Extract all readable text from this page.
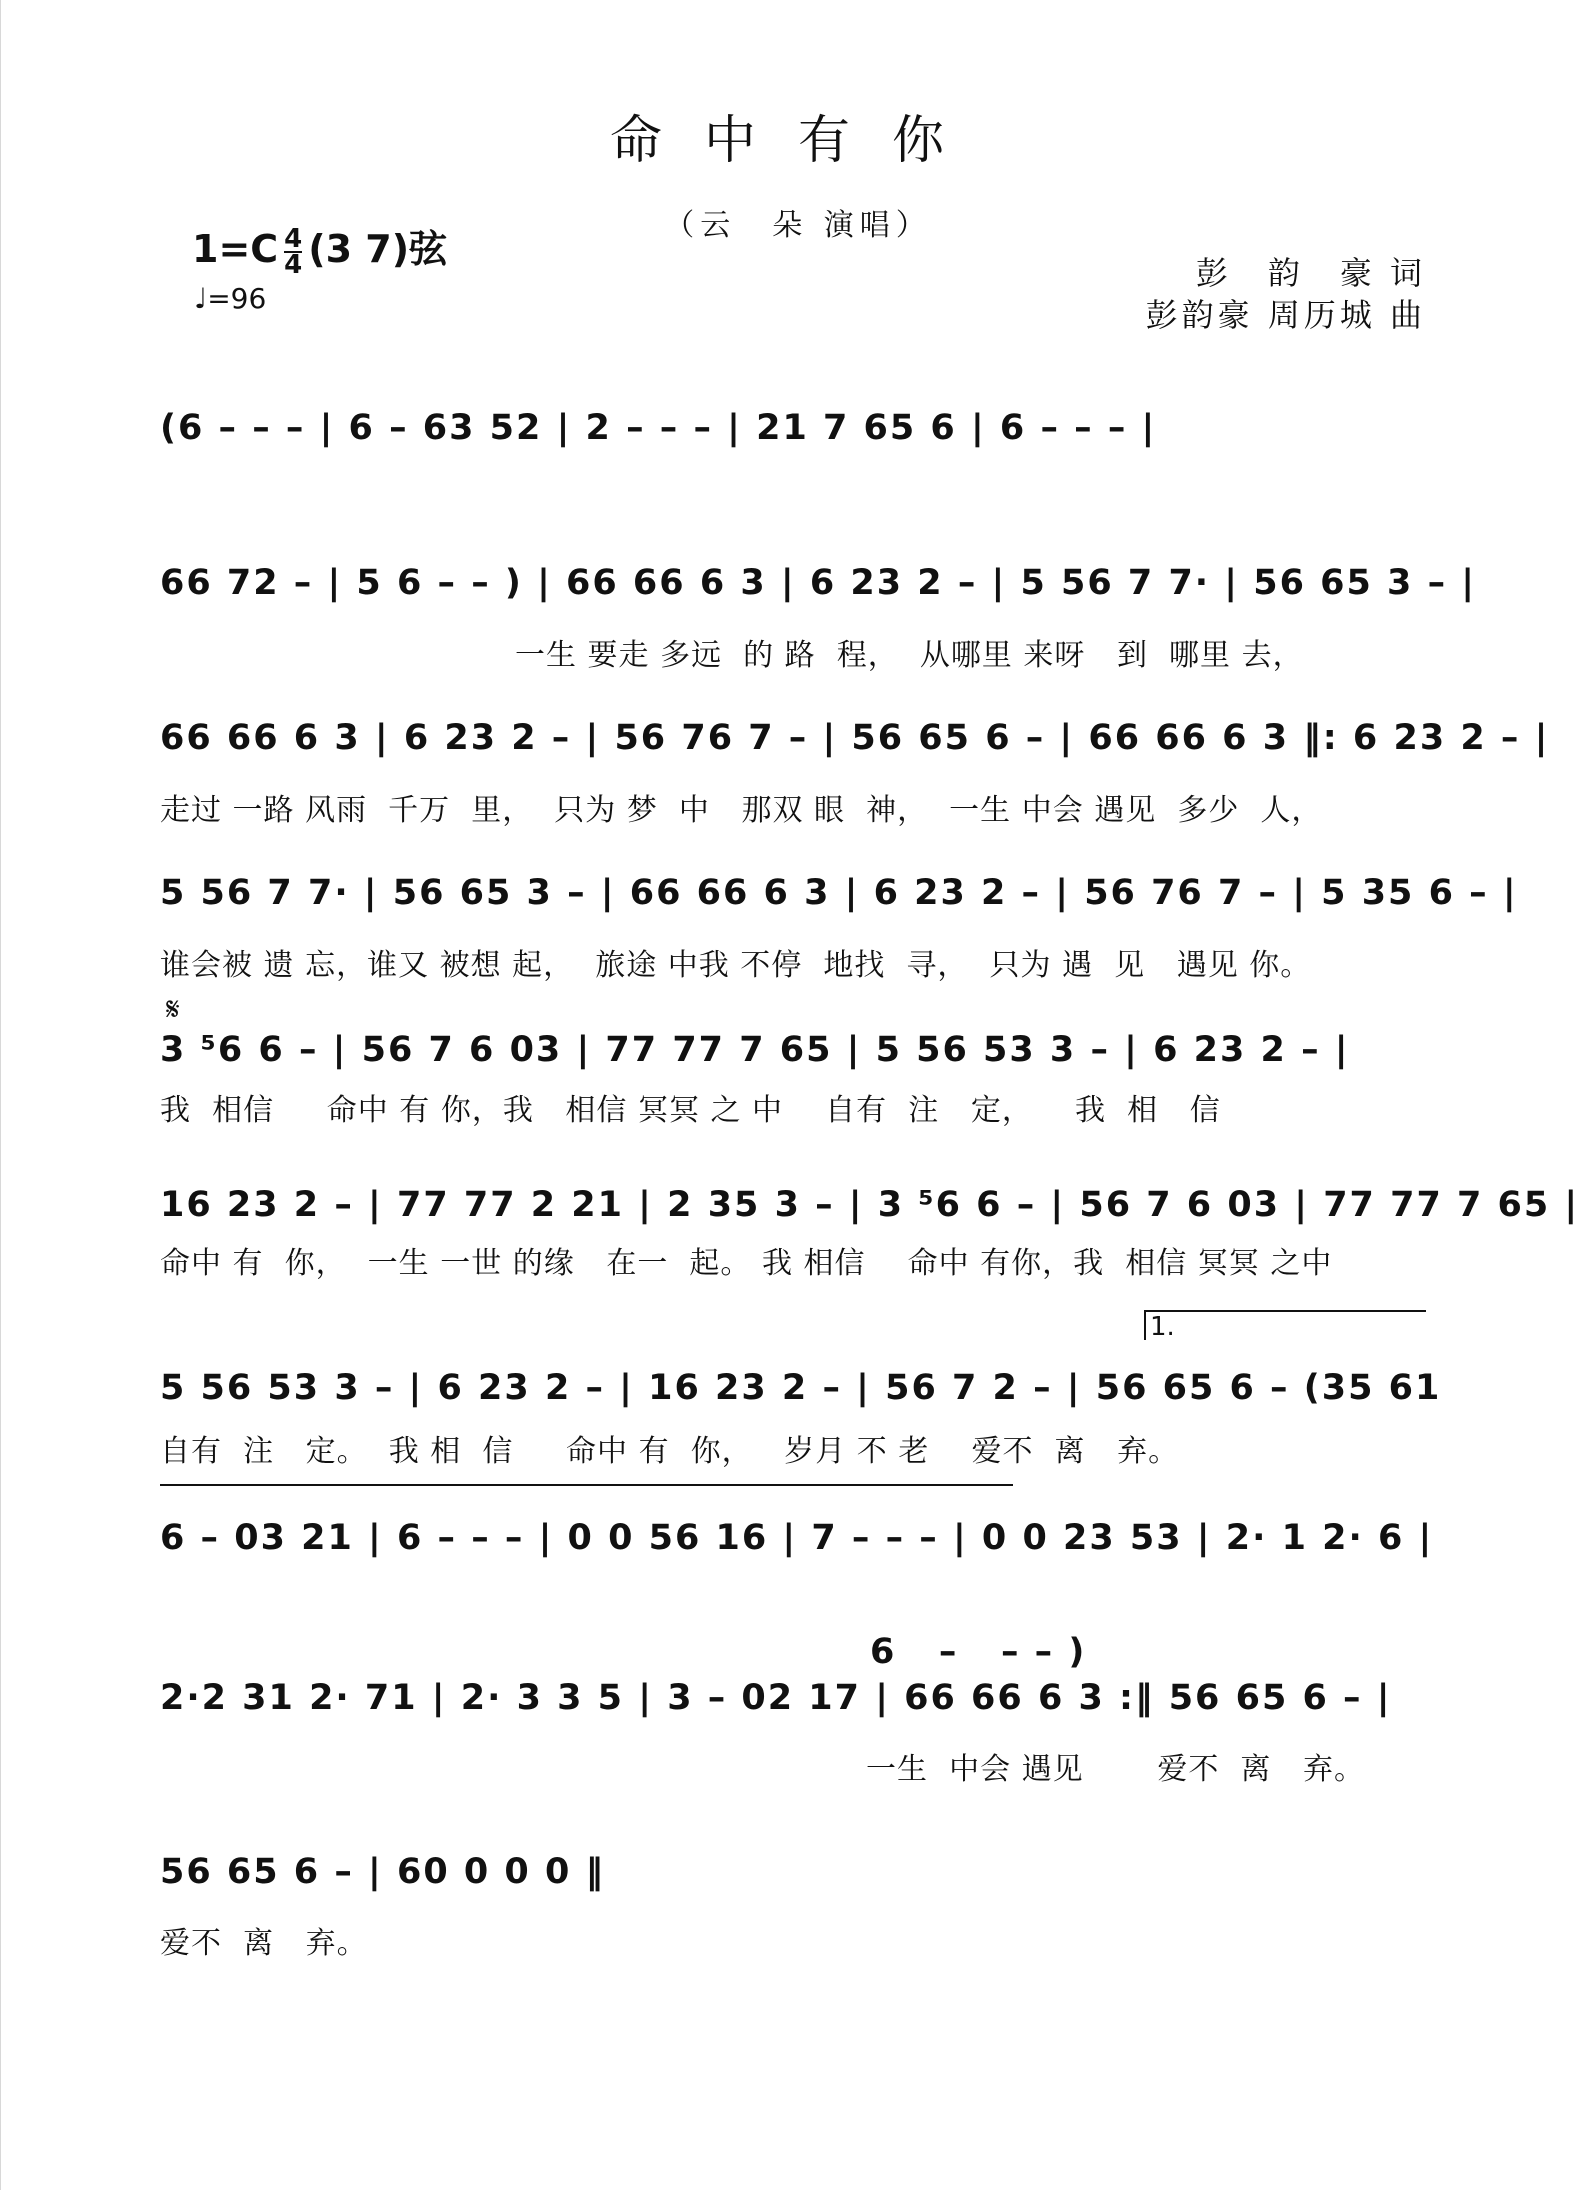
命中有你
（云　朵 演唱）
$1=C \frac{4}{4} (3$ 7)弦
♩=96
彭　韵　豪 词
彭韵豪 周历城 曲
(6 – – – | 6 – 63 52 | 2 – – – | 21 7 65 6 | 6 – – – |
66 72 – | 5 6 – – ) | 66 66 6 3 | 6 23 2 – | 5 56 7 7· | 56 65 3 – |
一生 要走 多远  的 路  程，  从哪里 来呀   到  哪里 去，
66 66 6 3 | 6 23 2 – | 56 76 7 – | 56 65 6 – | 66 66 6 3 ‖: 6 23 2 – |
走过 一路 风雨  千万  里，  只为 梦  中   那双 眼  神，  一生 中会 遇见  多少  人，
5 56 7 7· | 56 65 3 – | 66 66 6 3 | 6 23 2 – | 56 76 7 – | 5 35 6 – |
谁会被 遗 忘，谁又 被想 起，  旅途 中我 不停  地找  寻，  只为 遇  见   遇见 你。
𝄋
3 ⁵6 6 – | 56 7 6 03 | 77 77 7 65 | 5 56 53 3 – | 6 23 2 – |
我  相信     命中 有 你，我   相信 冥冥 之 中    自有  注   定，    我  相   信
16 23 2 – | 77 77 2 21 | 2 35 3 – | 3 ⁵6 6 – | 56 7 6 03 | 77 77 7 65 |
命中 有  你，  一生 一世 的缘   在一  起。 我 相信    命中 有你，我  相信 冥冥 之中
1.
5 56 53 3 – | 6 23 2 – | 16 23 2 – | 56 7 2 – | 56 65 6 – (35 61
自有  注   定。  我 相  信     命中 有  你，   岁月 不 老    爱不  离   弃。
6 – 03 21 | 6 – – – | 0 0 56 16 | 7 – – – | 0 0 23 53 | 2· 1 2· 6 |
6   –   – – )
2·2 31 2· 71 | 2· 3 3 5 | 3 – 02 17 | 66 66 6 3 :‖ 56 65 6 – |
一生  中会 遇见       爱不  离   弃。
56 65 6 – | 60 0 0 0 ‖
爱不  离   弃。
